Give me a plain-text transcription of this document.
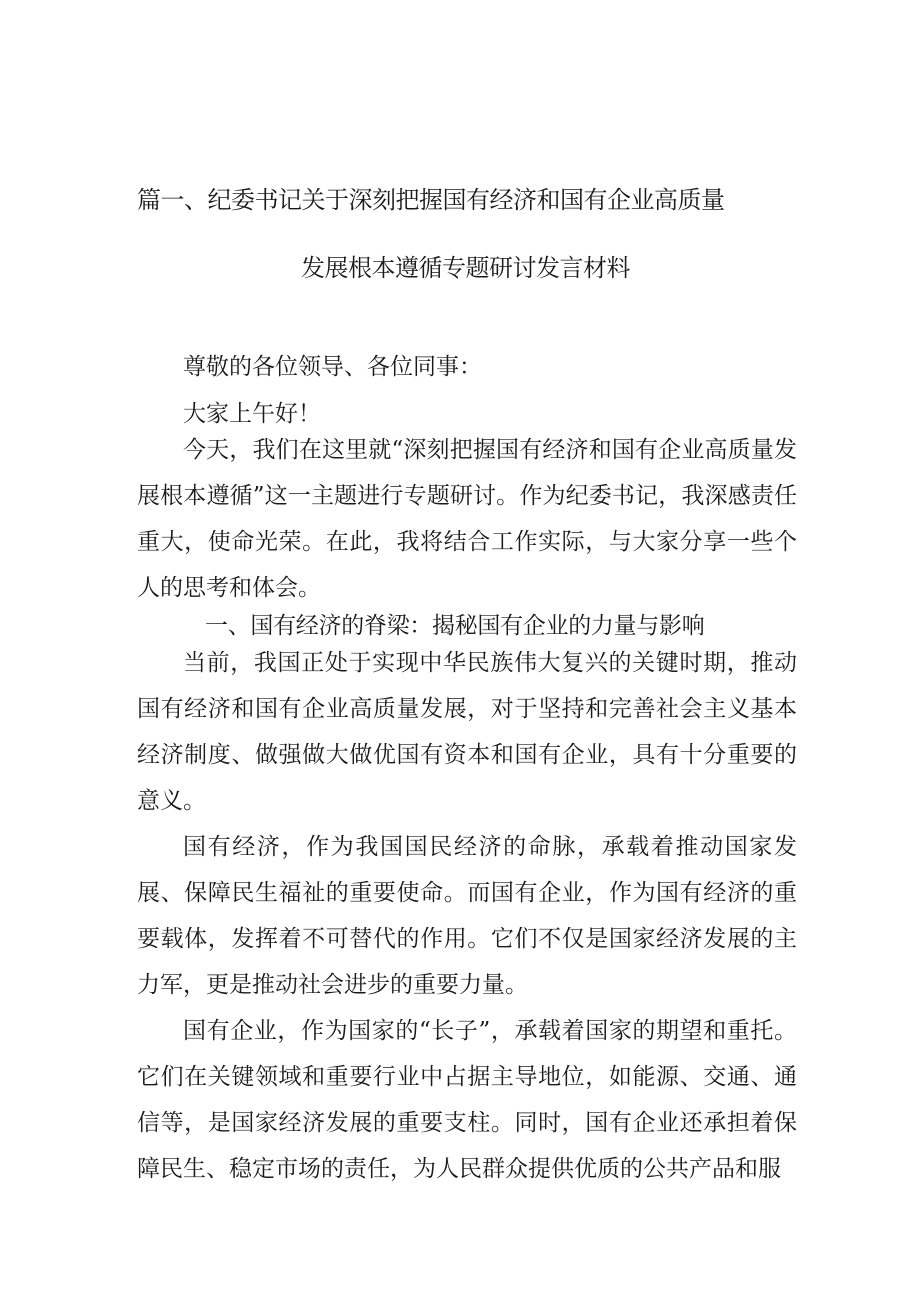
篇一、纪委书记关于深刻把握国有经济和国有企业高质量
发展根本遵循专题研讨发言材料
尊敬的各位领导、各位同事：
大家上午好！

今天，我们在这里就“深刻把握国有经济和国有企业高质量发展根本遵循”这一主题进行专题研讨。作为纪委书记，我深感责任重大，使命光荣。在此，我将结合工作实际，与大家分享一些个人的思考和体会。

一、国有经济的脊梁：揭秘国有企业的力量与影响

当前，我国正处于实现中华民族伟大复兴的关键时期，推动国有经济和国有企业高质量发展，对于坚持和完善社会主义基本经济制度、做强做大做优国有资本和国有企业，具有十分重要的意义。

国有经济，作为我国国民经济的命脉，承载着推动国家发展、保障民生福祉的重要使命。而国有企业，作为国有经济的重要载体，发挥着不可替代的作用。它们不仅是国家经济发展的主力军，更是推动社会进步的重要力量。

国有企业，作为国家的“长子”，承载着国家的期望和重托。它们在关键领域和重要行业中占据主导地位，如能源、交通、通信等，是国家经济发展的重要支柱。同时，国有企业还承担着保障民生、稳定市场的责任，为人民群众提供优质的公共产品和服
